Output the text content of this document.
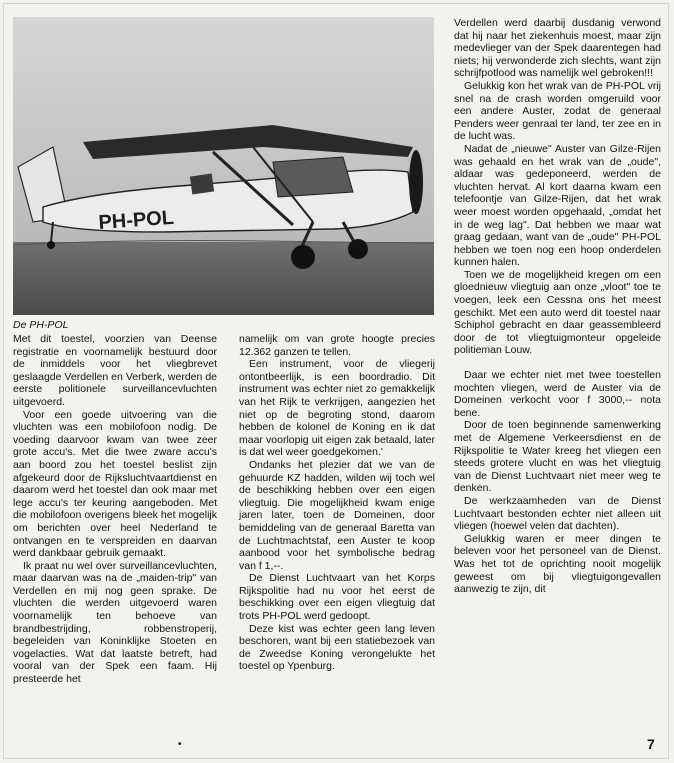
PH-POL
De PH-POL

Met dit toestel, voorzien van Deense registratie en voornamelijk bestuurd door de inmiddels voor het vliegbrevet geslaagde Verdellen en Verberk, werden de eerste politionele surveillancevluchten uitgevoerd.

Voor een goede uitvoering van die vluchten was een mobilofoon nodig. De voeding daarvoor kwam van twee zeer grote accu's. Met die twee zware accu's aan boord zou het toestel beslist zijn afgekeurd door de Rijksluchtvaartdienst en daarom werd het toestel dan ook maar met lege accu's ter keuring aangeboden. Met die mobilofoon overigens bleek het mogelijk om berichten over heel Nederland te ontvangen en te verspreiden en daarvan werd dankbaar gebruik gemaakt.

Ik praat nu wel over surveillancevluchten, maar daarvan was na de „maiden-trip" van Verdellen en mij nog geen sprake. De vluchten die werden uitgevoerd waren voornamelijk ten behoeve van brandbestrijding, robbenstroperij, begeleiden van Koninklijke Stoeten en vogelacties. Wat dat laatste betreft, had vooral van der Spek een faam. Hij presteerde het

namelijk om van grote hoogte precies 12.362 ganzen te tellen.

Een instrument, voor de vliegerij ontontbeerlijk, is een boordradio. Dit instrument was echter niet zo gemakkelijk van het Rijk te verkrijgen, aangezien het niet op de begroting stond, daarom hebben de kolonel de Koning en ik dat maar voorlopig uit eigen zak betaald, later is dat wel weer goedgekomen.'

Ondanks het plezier dat we van de gehuurde KZ hadden, wilden wij toch wel de beschikking hebben over een eigen vliegtuig. Die mogelijkheid kwam enige jaren later, toen de Domeinen, door bemiddeling van de generaal Baretta van de Luchtmachtstaf, een Auster te koop aanbood voor het symbolische bedrag van f 1,--.

De Dienst Luchtvaart van het Korps Rijkspolitie had nu voor het eerst de beschikking over een eigen vliegtuig dat trots PH-POL werd gedoopt.

Deze kist was echter geen lang leven beschoren, want bij een statiebezoek van de Zweedse Koning verongelukte het toestel op Ypenburg.

Verdellen werd daarbij dusdanig verwond dat hij naar het ziekenhuis moest, maar zijn medevlieger van der Spek daarentegen had niets; hij verwonderde zich slechts, want zijn schrijfpotlood was namelijk wel gebroken!!!

Gelukkig kon het wrak van de PH-POL vrij snel na de crash worden omgeruild voor een andere Auster, zodat de generaal Penders weer genraal ter land, ter zee en in de lucht was.

Nadat de „nieuwe" Auster van Gilze-Rijen was gehaald en het wrak van de „oude", aldaar was gedeponeerd, werden de vluchten hervat. Al kort daarna kwam een telefoontje van Gilze-Rijen, dat het wrak weer moest worden opgehaald, „omdat het in de weg lag". Dat hebben we maar wat graag gedaan, want van de „oude" PH-POL hebben we toen nog een hoop onderdelen kunnen halen.

Toen we de mogelijkheid kregen om een gloednieuw vliegtuig aan onze „vloot" toe te voegen, leek een Cessna ons het meest geschikt. Met een auto werd dit toestel naar Schiphol gebracht en daar geassembleerd door de tot vliegtuigmonteur opgeleide politieman Louw.

Daar we echter niet met twee toestellen mochten vliegen, werd de Auster via de Domeinen verkocht voor f 3000,-- nota bene.

Door de toen beginnende samenwerking met de Algemene Verkeersdienst en de Rijkspolitie te Water kreeg het vliegen een steeds grotere vlucht en was het vliegtuig van de Dienst Luchtvaart niet meer weg te denken.

De werkzaamheden van de Dienst Luchtvaart bestonden echter niet alleen uit vliegen (hoewel velen dat dachten).

Gelukkig waren er meer dingen te beleven voor het personeel van de Dienst. Was het tot de oprichting nooit mogelijk geweest om bij vliegtuigongevallen aanwezig te zijn, dit

•	7
